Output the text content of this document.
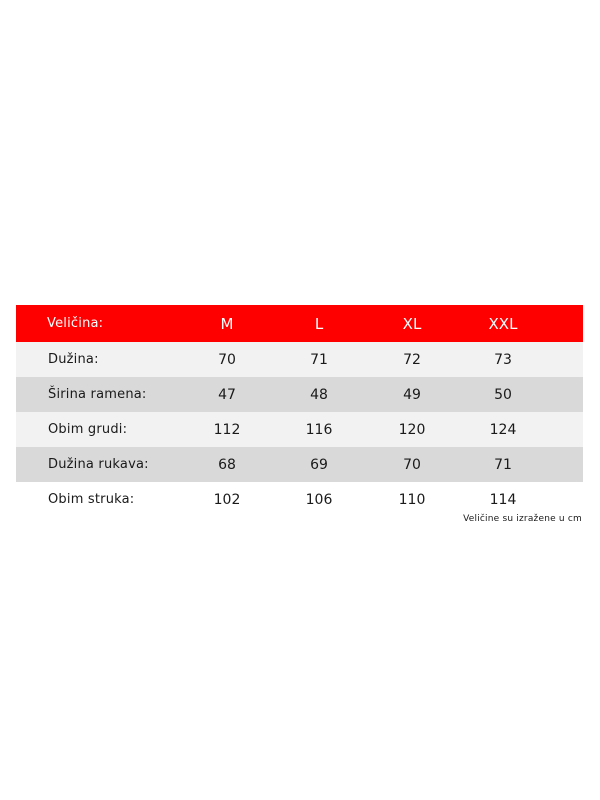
Veličina:	M	L	XL	XXL
Dužina:	70	71	72	73
Širina ramena:	47	48	49	50
Obim grudi:	112	116	120	124
Dužina rukava:	68	69	70	71
Obim struka:	102	106	110	114
Veličine su izražene u cm
